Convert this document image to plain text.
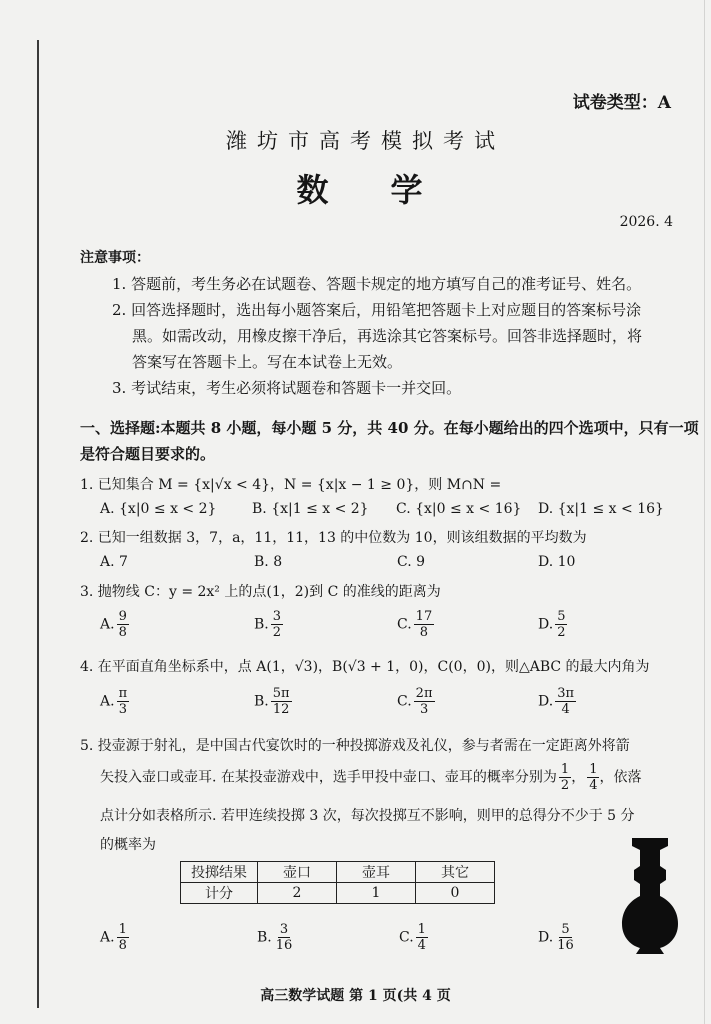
试卷类型：A
潍坊市高考模拟考试
数学
2026. 4
注意事项：
1. 答题前，考生务必在试题卷、答题卡规定的地方填写自己的准考证号、姓名。
2. 回答选择题时，选出每小题答案后，用铅笔把答题卡上对应题目的答案标号涂
黑。如需改动，用橡皮擦干净后，再选涂其它答案标号。回答非选择题时，将
答案写在答题卡上。写在本试卷上无效。
3. 考试结束，考生必须将试题卷和答题卡一并交回。
一、选择题:本题共 8 小题，每小题 5 分，共 40 分。在每小题给出的四个选项中，只有一项
是符合题目要求的。
1. 已知集合 M = {x|√x < 4}，N = {x|x − 1 ≥ 0}，则 M∩N =
A. {x|0 ≤ x < 2}	B. {x|1 ≤ x < 2} C. {x|0 ≤ x < 16} D. {x|1 ≤ x < 16}
2. 已知一组数据 3，7，a，11，11，13 的中位数为 10，则该组数据的平均数为
A. 7	B. 8	C. 9	D. 10
3. 抛物线 C：y = 2x² 上的点(1，2)到 C 的准线的距离为
A. $\frac{9}{8}$	B. $\frac{3}{2}$	C. $\frac{17}{8}$	D. $\frac{5}{2}$
4. 在平面直角坐标系中，点 A(1，√3)，B(√3 + 1，0)，C(0，0)，则△ABC 的最大内角为
A. $\frac{\pi}{3}$	B. $\frac{5\pi}{12}$	C. $\frac{2\pi}{3}$	D. $\frac{3\pi}{4}$
5. 投壶源于射礼，是中国古代宴饮时的一种投掷游戏及礼仪，参与者需在一定距离外将箭
矢投入壶口或壶耳. 在某投壶游戏中，选手甲投中壶口、壶耳的概率分别为 $\frac{1}{2}$ ， $\frac{1}{4}$ ，依落
点计分如表格所示. 若甲连续投掷 3 次，每次投掷互不影响，则甲的总得分不少于 5 分
的概率为
投掷结果	壶口	壶耳	其它
计分	2	1	0
A. $\frac{1}{8}$	B. $\frac{3}{16}$	C. $\frac{1}{4}$	D. $\frac{5}{16}$
高三数学试题 第 1 页(共 4 页
